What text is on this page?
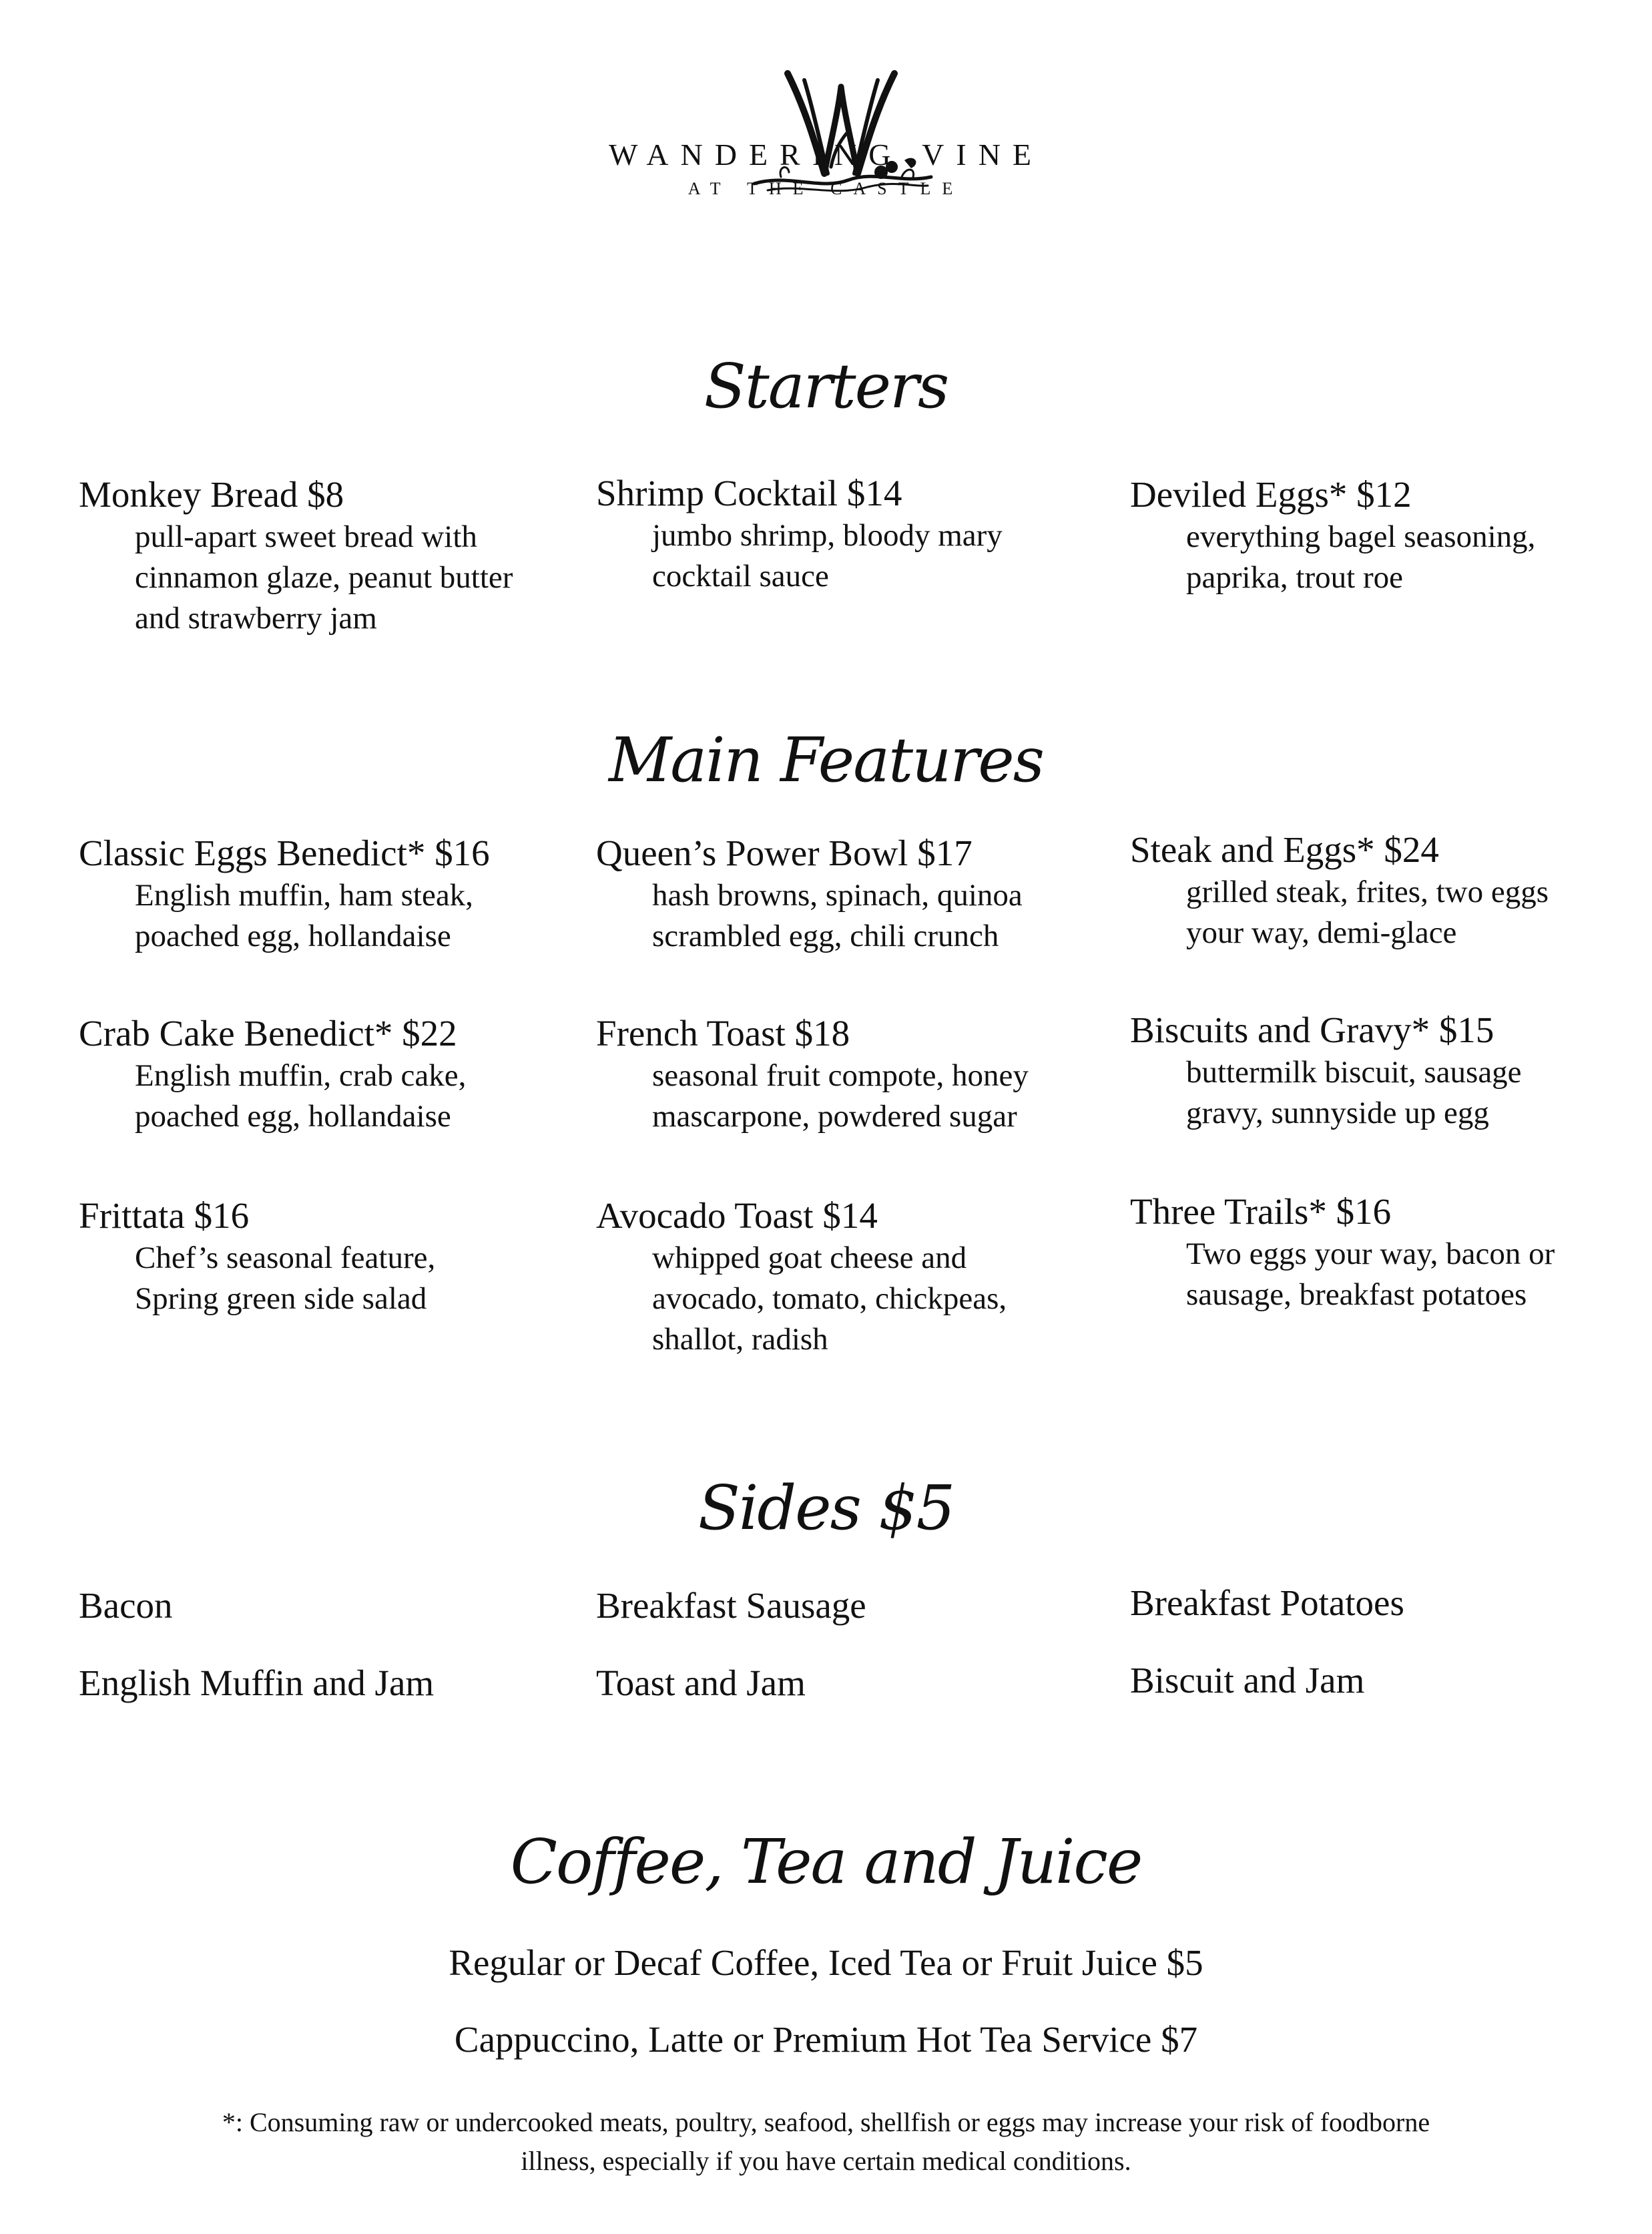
WANDERING VINE
AT THE CASTLE
Starters
Monkey Bread $8
pull-apart sweet bread with
cinnamon glaze, peanut butter
and strawberry jam
Shrimp Cocktail $14
jumbo shrimp, bloody mary
cocktail sauce
Deviled Eggs* $12
everything bagel seasoning,
paprika, trout roe
Main Features
Classic Eggs Benedict* $16
English muffin, ham steak,
poached egg, hollandaise
Queen’s Power Bowl $17
hash browns, spinach, quinoa
scrambled egg, chili crunch
Steak and Eggs* $24
grilled steak, frites, two eggs
your way, demi-glace
Crab Cake Benedict* $22
English muffin, crab cake,
poached egg, hollandaise
French Toast $18
seasonal fruit compote, honey
mascarpone, powdered sugar
Biscuits and Gravy* $15
buttermilk biscuit, sausage
gravy, sunnyside up egg
Frittata $16
Chef’s seasonal feature,
Spring green side salad
Avocado Toast $14
whipped goat cheese and
avocado, tomato, chickpeas,
shallot, radish
Three Trails* $16
Two eggs your way, bacon or
sausage, breakfast potatoes
Sides $5
Bacon	Breakfast Sausage	Breakfast Potatoes
English Muffin and Jam	Toast and Jam	Biscuit and Jam
Coffee, Tea and Juice
Regular or Decaf Coffee, Iced Tea or Fruit Juice $5
Cappuccino, Latte or Premium Hot Tea Service $7
*: Consuming raw or undercooked meats, poultry, seafood, shellfish or eggs may increase your risk of foodborne
illness, especially if you have certain medical conditions.
